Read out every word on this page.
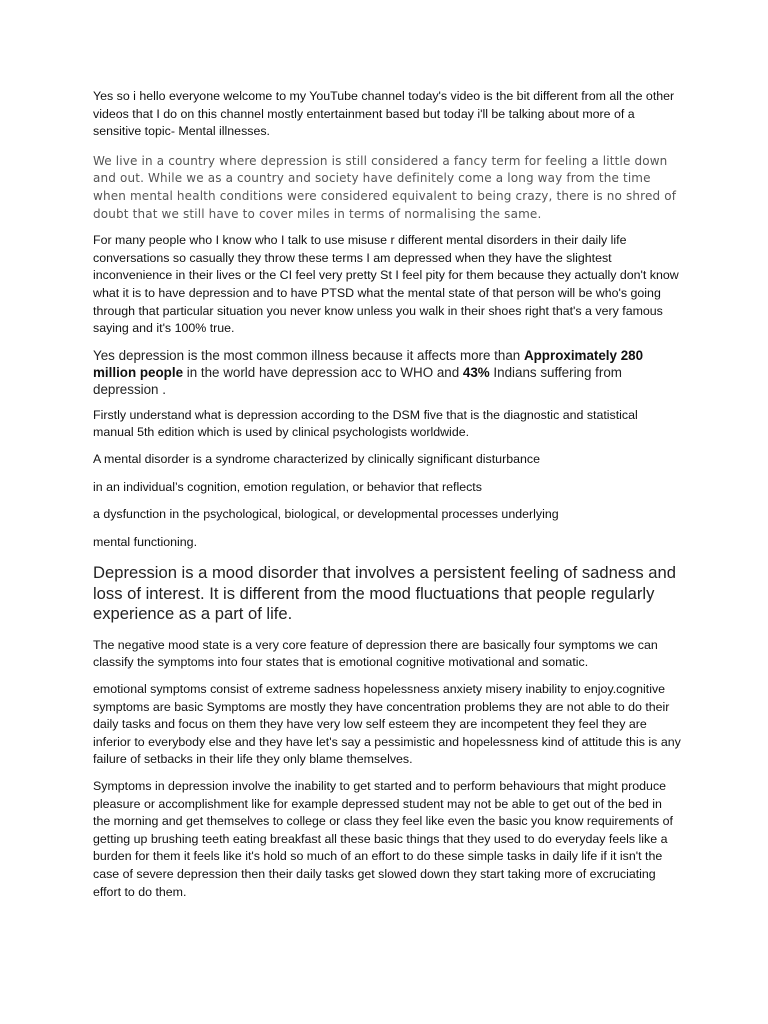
Yes so i hello everyone welcome to my YouTube channel today's video is the bit different from all the other videos that I do on this channel mostly entertainment based but today i'll be talking about more of a sensitive topic- Mental illnesses.

We live in a country where depression is still considered a fancy term for feeling a little down and out. While we as a country and society have definitely come a long way from the time when mental health conditions were considered equivalent to being crazy, there is no shred of doubt that we still have to cover miles in terms of normalising the same.

For many people who I know who I talk to use misuse r different mental disorders in their daily life conversations so casually they throw these terms I am depressed when they have the slightest inconvenience in their lives or the CI feel very pretty St I feel pity for them because they actually don't know what it is to have depression and to have PTSD what the mental state of that person will be who's going through that particular situation you never know unless you walk in their shoes right that's a very famous saying and it's 100% true.

Yes depression is the most common illness because it affects more than Approximately 280 million people in the world have depression acc to WHO and 43% Indians suffering from depression .

Firstly understand what is depression according to the DSM five that is the diagnostic and statistical manual 5th edition which is used by clinical psychologists worldwide.

A mental disorder is a syndrome characterized by clinically significant disturbance

in an individual’s cognition, emotion regulation, or behavior that reflects

a dysfunction in the psychological, biological, or developmental processes underlying

mental functioning.

Depression is a mood disorder that involves a persistent feeling of sadness and loss of interest. It is different from the mood fluctuations that people regularly experience as a part of life.

The negative mood state is a very core feature of depression there are basically four symptoms we can classify the symptoms into four states that is emotional cognitive motivational and somatic.

emotional symptoms consist of extreme sadness hopelessness anxiety misery inability to enjoy.cognitive symptoms are basic Symptoms are mostly they have concentration problems they are not able to do their daily tasks and focus on them they have very low self esteem they are incompetent they feel they are inferior to everybody else and they have let's say a pessimistic and hopelessness kind of attitude this is any failure of setbacks in their life they only blame themselves.

Symptoms in depression involve the inability to get started and to perform behaviours that might produce pleasure or accomplishment like for example depressed student may not be able to get out of the bed in the morning and get themselves to college or class they feel like even the basic you know requirements of getting up brushing teeth eating breakfast all these basic things that they used to do everyday feels like a burden for them it feels like it's hold so much of an effort to do these simple tasks in daily life if it isn't the case of severe depression then their daily tasks get slowed down they start taking more of excruciating effort to do them.
